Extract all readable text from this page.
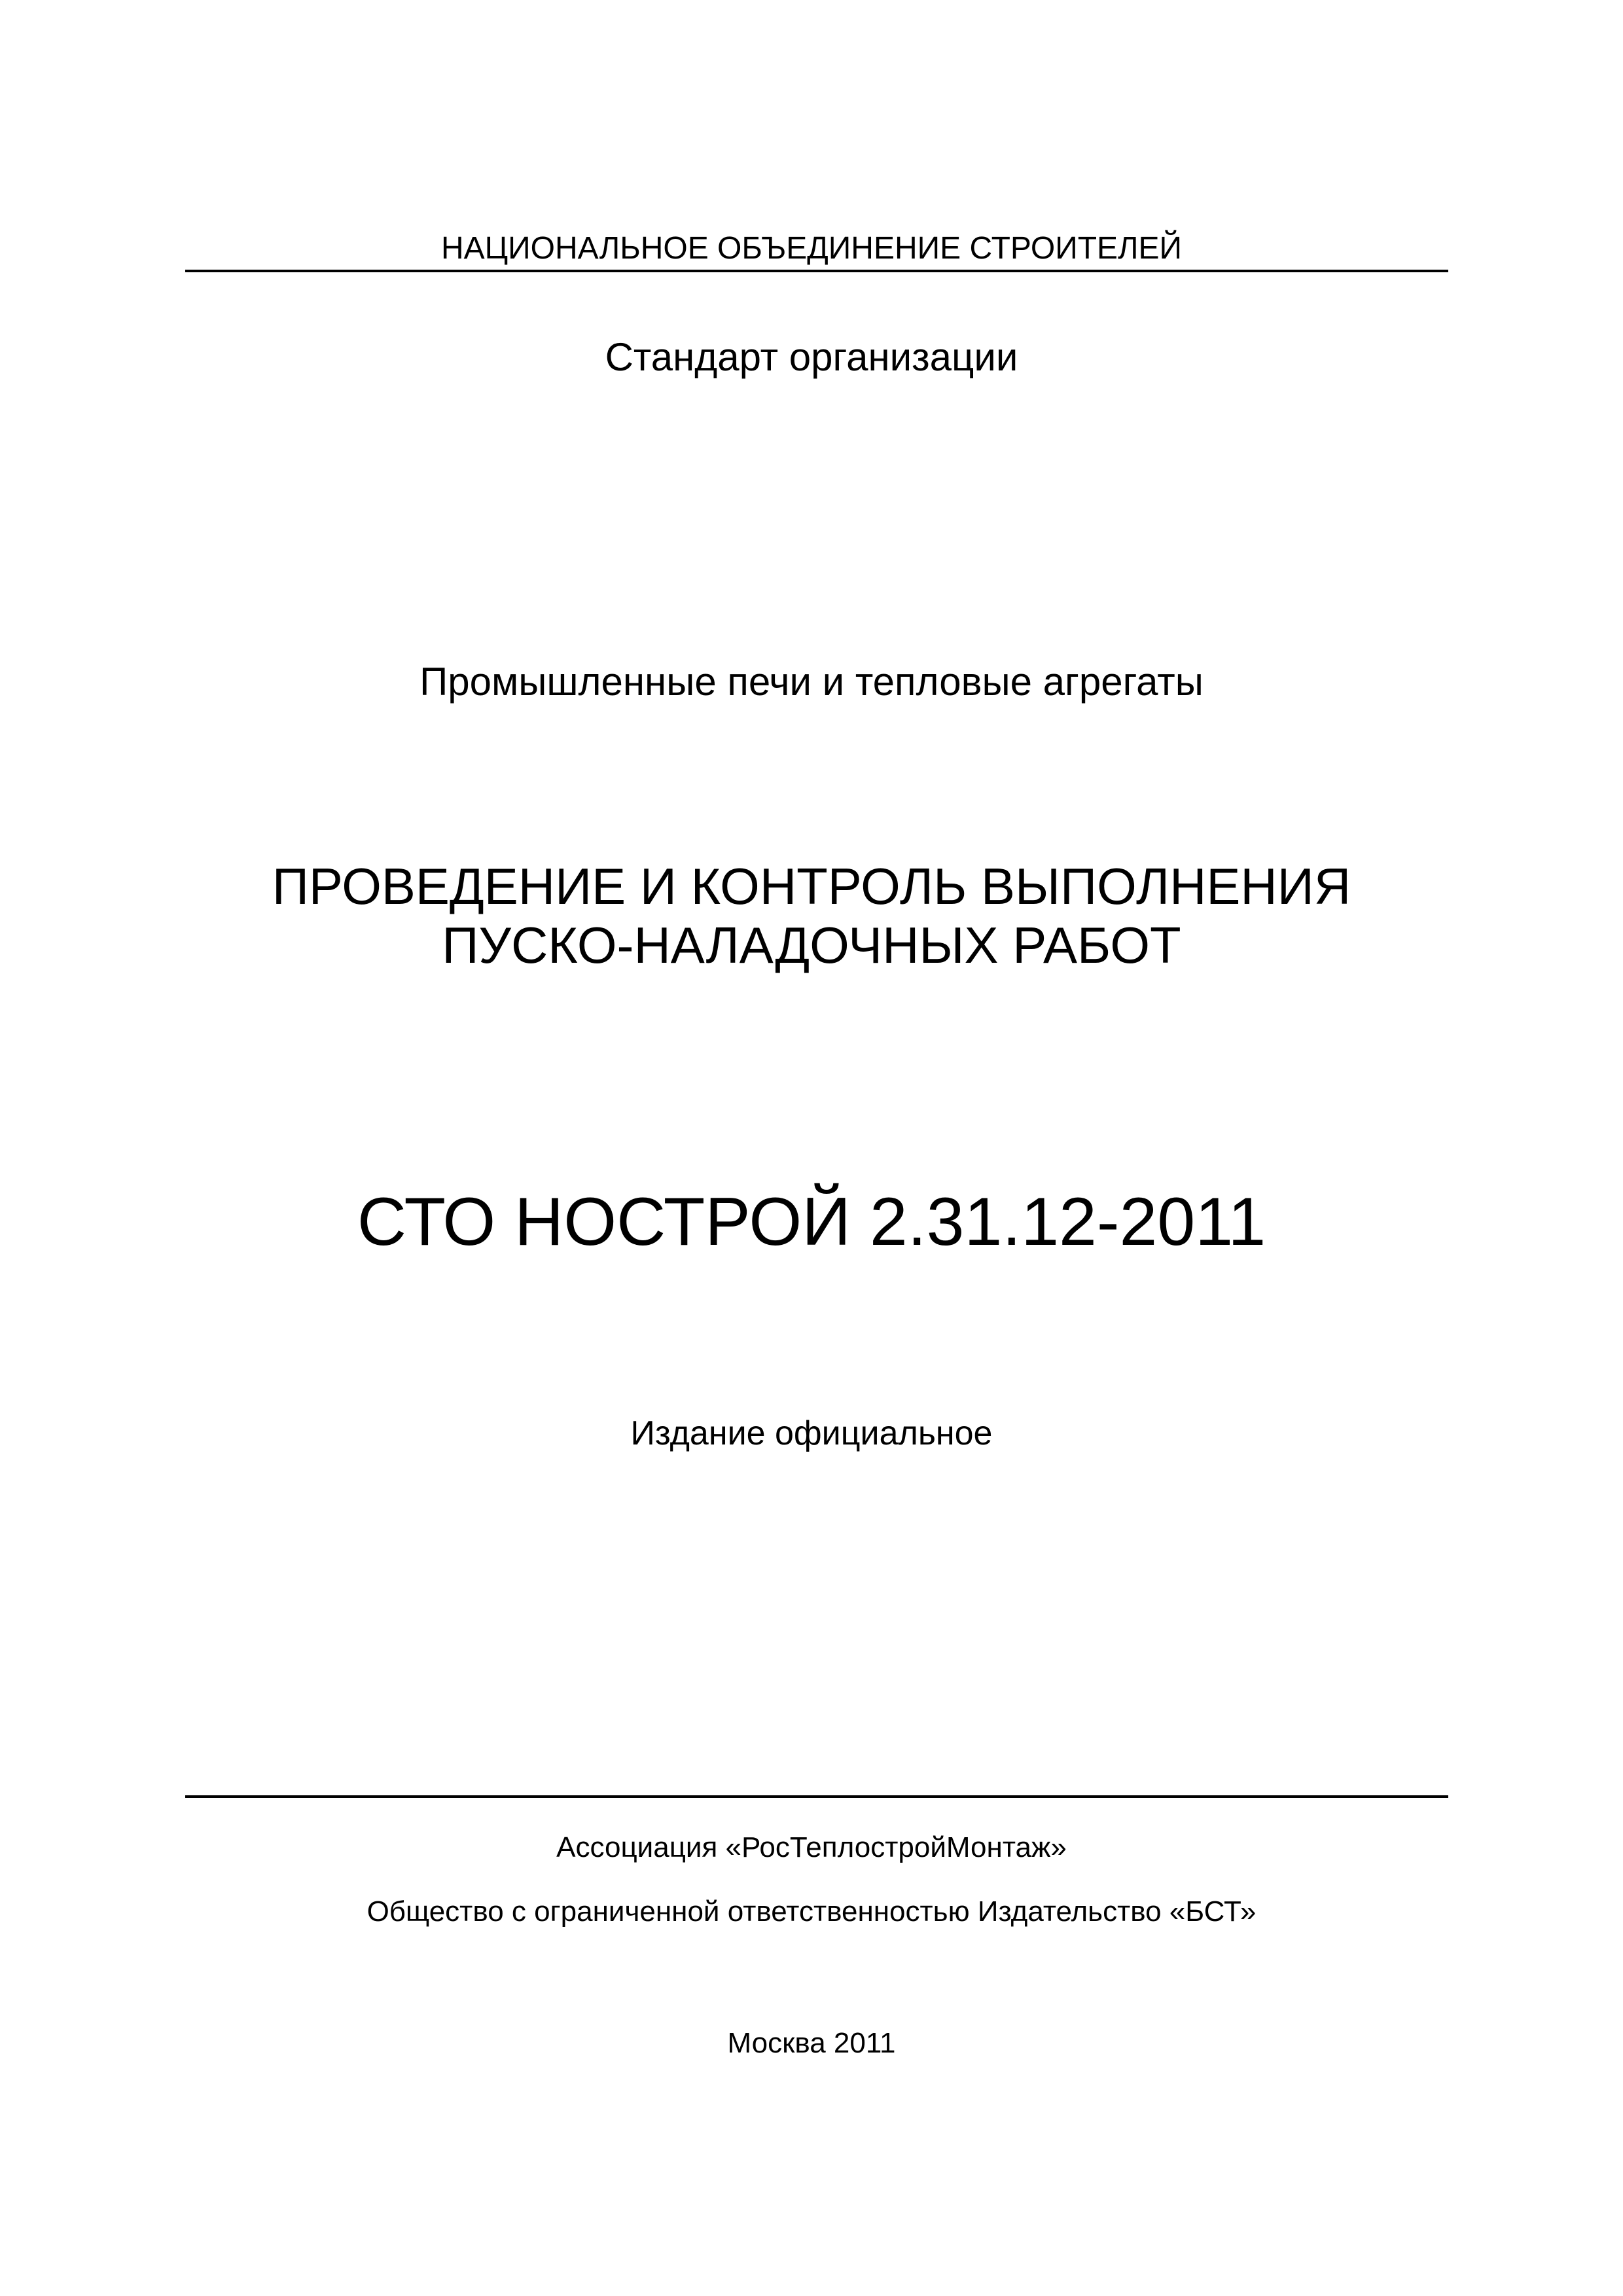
НАЦИОНАЛЬНОЕ ОБЪЕДИНЕНИЕ СТРОИТЕЛЕЙ
Стандарт организации
Промышленные печи и тепловые агрегаты
ПРОВЕДЕНИЕ И КОНТРОЛЬ ВЫПОЛНЕНИЯ
ПУСКО-НАЛАДОЧНЫХ РАБОТ
СТО НОСТРОЙ 2.31.12-2011
Издание официальное
Ассоциация «РосТеплостройМонтаж»
Общество с ограниченной ответственностью Издательство «БСТ»
Москва 2011
